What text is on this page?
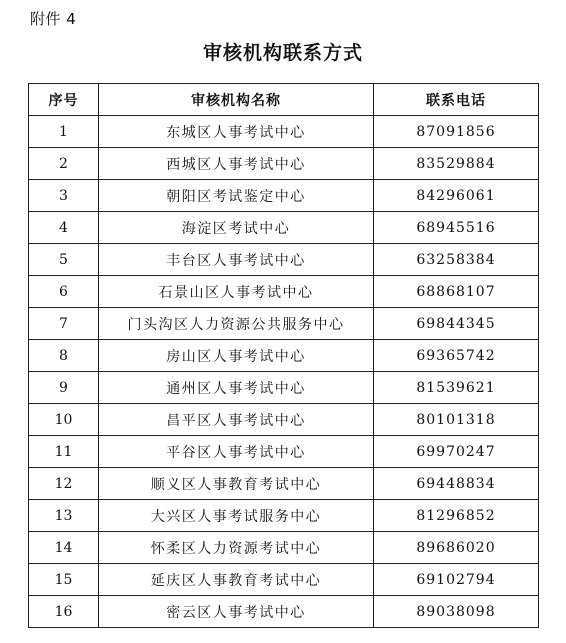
附件 4
审核机构联系方式
序号	审核机构名称	联系电话
1	东城区人事考试中心	87091856
2	西城区人事考试中心	83529884
3	朝阳区考试鉴定中心	84296061
4	海淀区考试中心	68945516
5	丰台区人事考试中心	63258384
6	石景山区人事考试中心	68868107
7	门头沟区人力资源公共服务中心	69844345
8	房山区人事考试中心	69365742
9	通州区人事考试中心	81539621
10	昌平区人事考试中心	80101318
11	平谷区人事考试中心	69970247
12	顺义区人事教育考试中心	69448834
13	大兴区人事考试服务中心	81296852
14	怀柔区人力资源考试中心	89686020
15	延庆区人事教育考试中心	69102794
16	密云区人事考试中心	89038098
